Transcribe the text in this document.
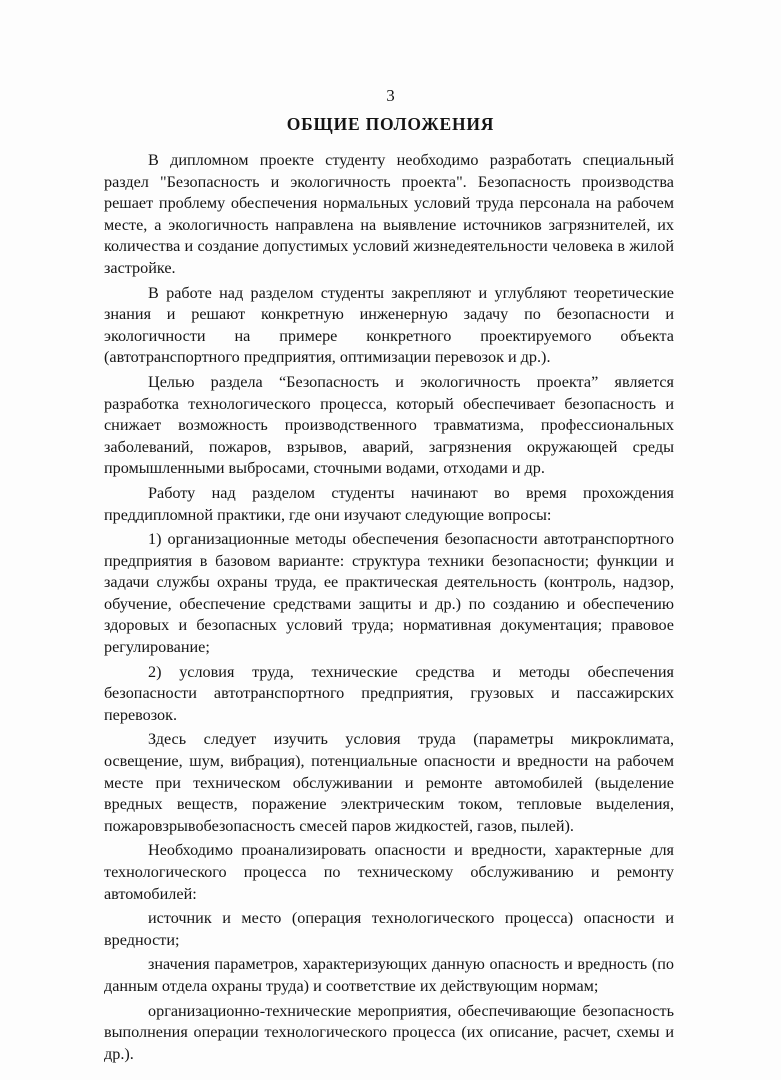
3
ОБЩИЕ ПОЛОЖЕНИЯ

В дипломном проекте студенту необходимо разработать специальный раздел "Безопасность и экологичность проекта". Безопасность производства решает проблему обеспечения нормальных условий труда персонала на рабочем месте, а экологичность направлена на выявление источников загрязнителей, их количества и создание допустимых условий жизнедеятельности человека в жилой застройке.

В работе над разделом студенты закрепляют и углубляют теоретические знания и решают конкретную инженерную задачу по безопасности и экологичности на примере конкретного проектируемого объекта (автотранспортного предприятия, оптимизации перевозок и др.).

Целью раздела “Безопасность и экологичность проекта” является разработка технологического процесса, который обеспечивает безопасность и снижает возможность производственного травматизма, профессиональных заболеваний, пожаров, взрывов, аварий, загрязнения окружающей среды промышленными выбросами, сточными водами, отходами и др.

Работу над разделом студенты начинают во время прохождения преддипломной практики, где они изучают следующие вопросы:

1) организационные методы обеспечения безопасности автотранспортного предприятия в базовом варианте: структура техники безопасности; функции и задачи службы охраны труда, ее практическая деятельность (контроль, надзор, обучение, обеспечение средствами защиты и др.) по созданию и обеспечению здоровых и безопасных условий труда; нормативная документация; правовое регулирование;

2) условия труда, технические средства и методы обеспечения безопасности автотранспортного предприятия, грузовых и пассажирских перевозок.

Здесь следует изучить условия труда (параметры микроклимата, освещение, шум, вибрация), потенциальные опасности и вредности на рабочем месте при техническом обслуживании и ремонте автомобилей (выделение вредных веществ, поражение электрическим током, тепловые выделения, пожаровзрывобезопасность смесей паров жидкостей, газов, пылей).

Необходимо проанализировать опасности и вредности, характерные для технологического процесса по техническому обслуживанию и ремонту автомобилей:

источник и место (операция технологического процесса) опасности и вредности;

значения параметров, характеризующих данную опасность и вредность (по данным отдела охраны труда) и соответствие их действующим нормам;

организационно-технические мероприятия, обеспечивающие безопасность выполнения операции технологического процесса (их описание, расчет, схемы и др.).
